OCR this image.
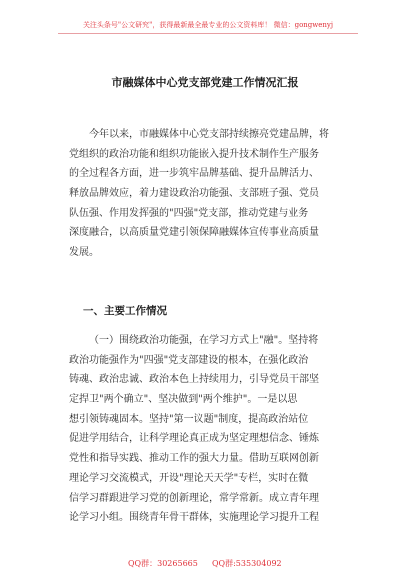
关注头条号"公文研究"，获得最新最全最专业的公文资料库！ 微信：gongwenyj
市融媒体中心党支部党建工作情况汇报
今年以来，市融媒体中心党支部持续擦亮党建品牌，将
党组织的政治功能和组织功能嵌入提升技术制作生产服务
的全过程各方面，进一步筑牢品牌基础、提升品牌活力、
释放品牌效应，着力建设政治功能强、支部班子强、党员
队伍强、作用发挥强的"四强"党支部，推动党建与业务
深度融合，以高质量党建引领保障融媒体宣传事业高质量
发展。
一、主要工作情况
（一）围绕政治功能强，在学习方式上"融"。坚持将
政治功能强作为"四强"党支部建设的根本，在强化政治
铸魂、政治忠诚、政治本色上持续用力，引导党员干部坚
定捍卫"两个确立"、坚决做到"两个维护"。一是以思
想引领铸魂固本。坚持"第一议题"制度，提高政治站位
促进学用结合，让科学理论真正成为坚定理想信念、锤炼
党性和指导实践、推动工作的强大力量。借助互联网创新
理论学习交流模式，开设"理论天天学"专栏，实时在微
信学习群跟进学习党的创新理论，常学常新。成立青年理
论学习小组。围绕青年骨干群体，实施理论学习提升工程
QQ群：30265665 QQ群:535304092
